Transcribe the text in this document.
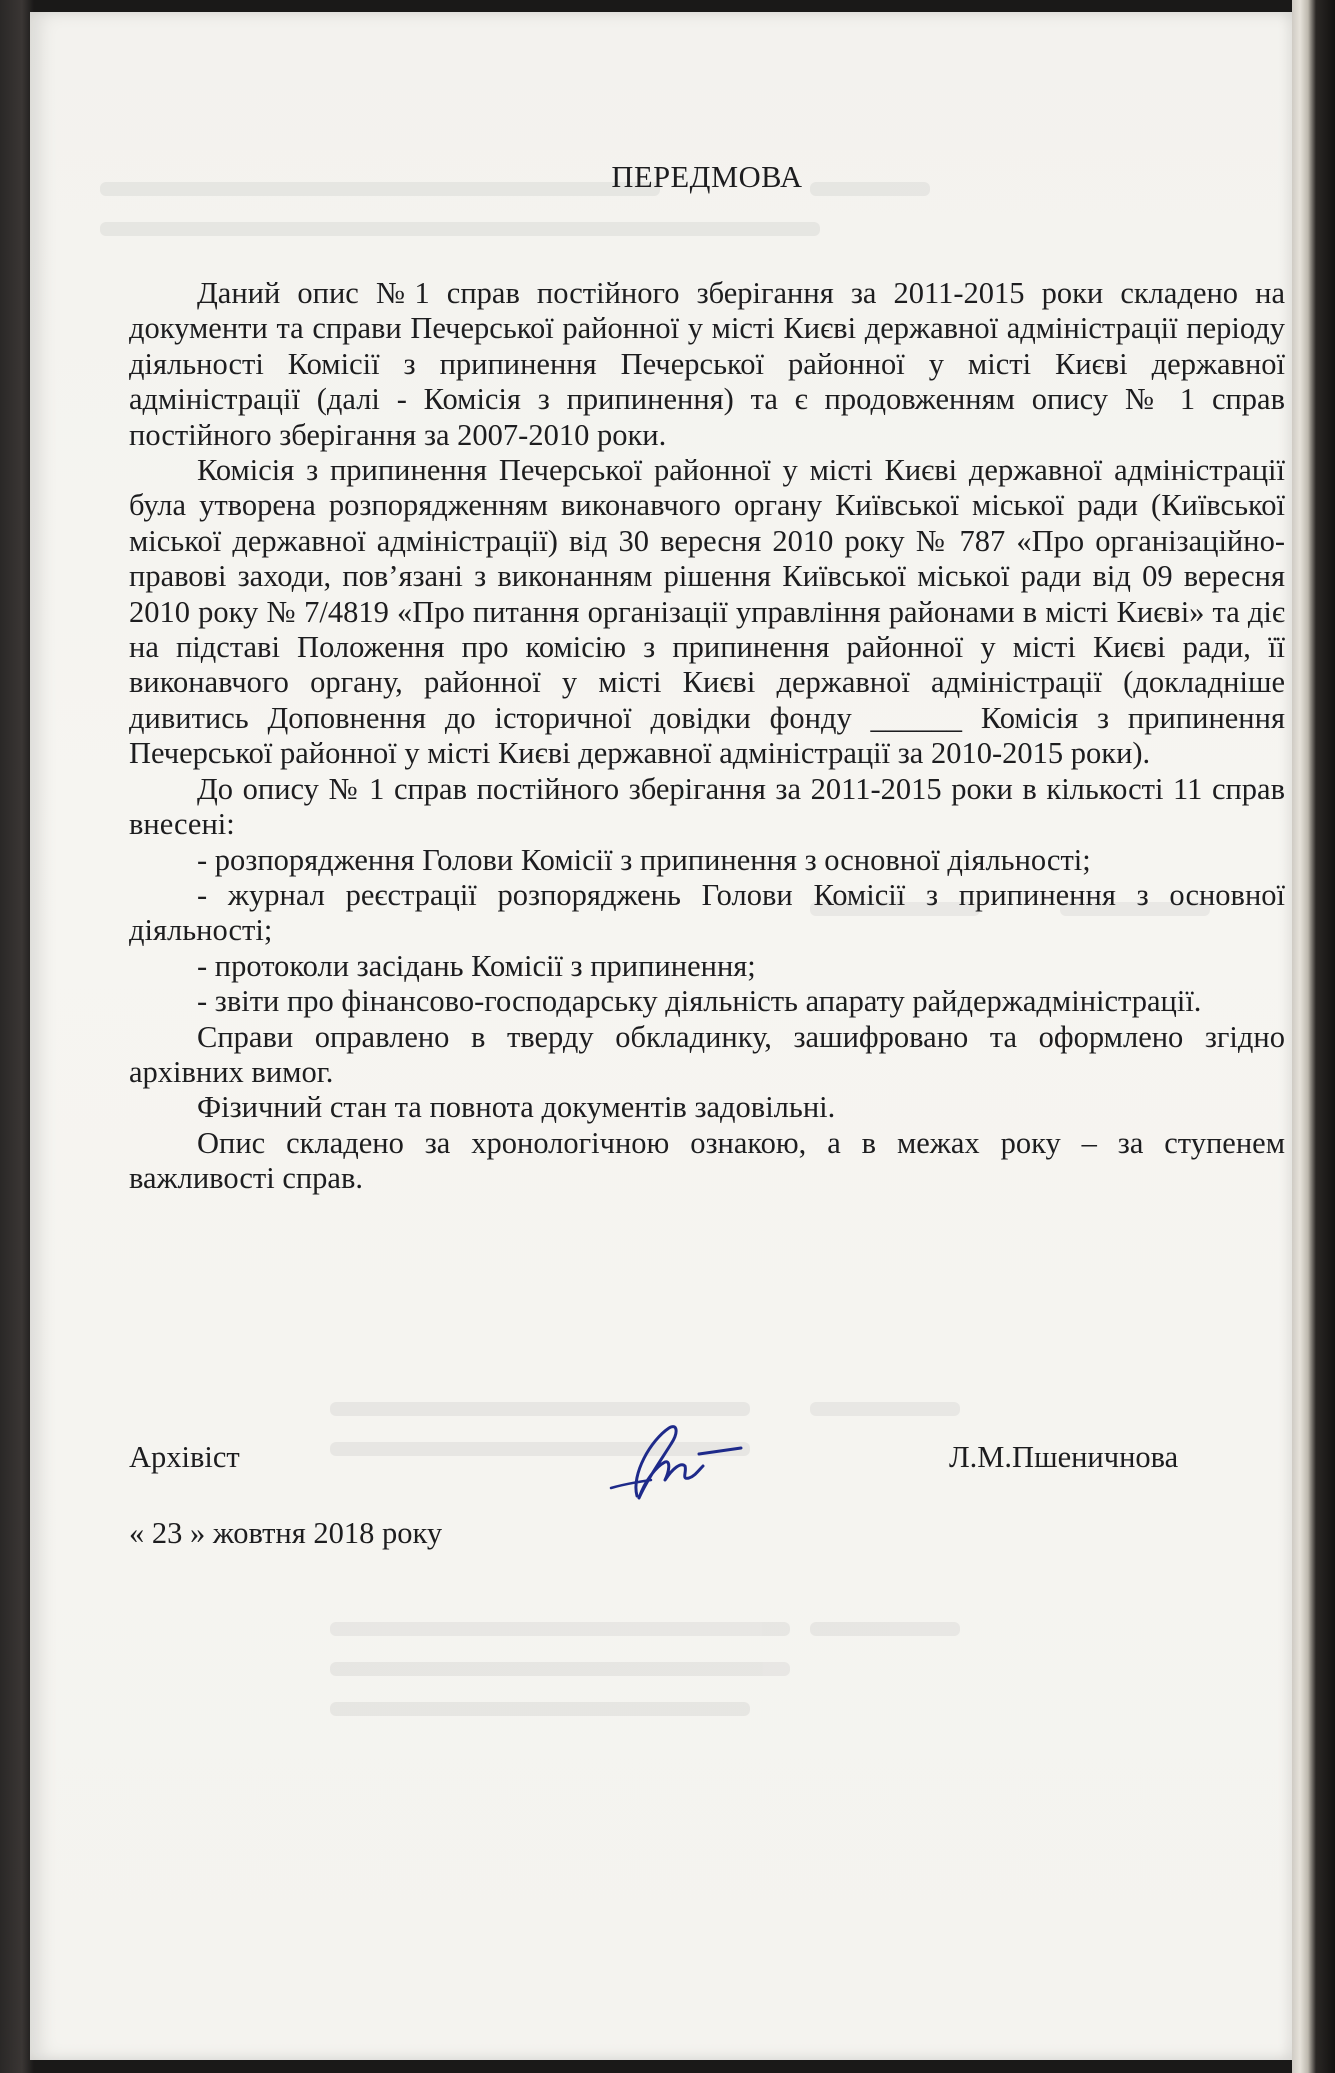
ПЕРЕДМОВА

Даний опис №1 справ постійного зберігання за 2011-2015 роки складено на документи та справи Печерської районної у місті Києві державної адміністрації періоду діяльності Комісії з припинення Печерської районної у місті Києві державної адміністрації (далі - Комісія з припинення) та є продовженням опису № 1 справ постійного зберігання за 2007-2010 роки.

Комісія з припинення Печерської районної у місті Києві державної адміністрації була утворена розпорядженням виконавчого органу Київської міської ради (Київської міської державної адміністрації) від 30 вересня 2010 року № 787 «Про організаційно-правові заходи, пов’язані з виконанням рішення Київської міської ради від 09 вересня 2010 року № 7/4819 «Про питання організації управління районами в місті Києві» та діє на підставі Положення про комісію з припинення районної у місті Києві ради, її виконавчого органу, районної у місті Києві державної адміністрації (докладніше дивитись Доповнення до історичної довідки фонду ______ Комісія з припинення Печерської районної у місті Києві державної адміністрації за 2010-2015 роки).

До опису № 1 справ постійного зберігання за 2011-2015 роки в кількості 11 справ внесені:

- розпорядження Голови Комісії з припинення з основної діяльності;

- журнал реєстрації розпоряджень Голови Комісії з припинення з основної діяльності;

- протоколи засідань Комісії з припинення;

- звіти про фінансово-господарську діяльність апарату райдержадміністрації.

Справи оправлено в тверду обкладинку, зашифровано та оформлено згідно архівних вимог.

Фізичний стан та повнота документів задовільні.

Опис складено за хронологічною ознакою, а в межах року – за ступенем важливості справ.

Архівіст	Л.М.Пшеничнова
« 23 » жовтня 2018 року
